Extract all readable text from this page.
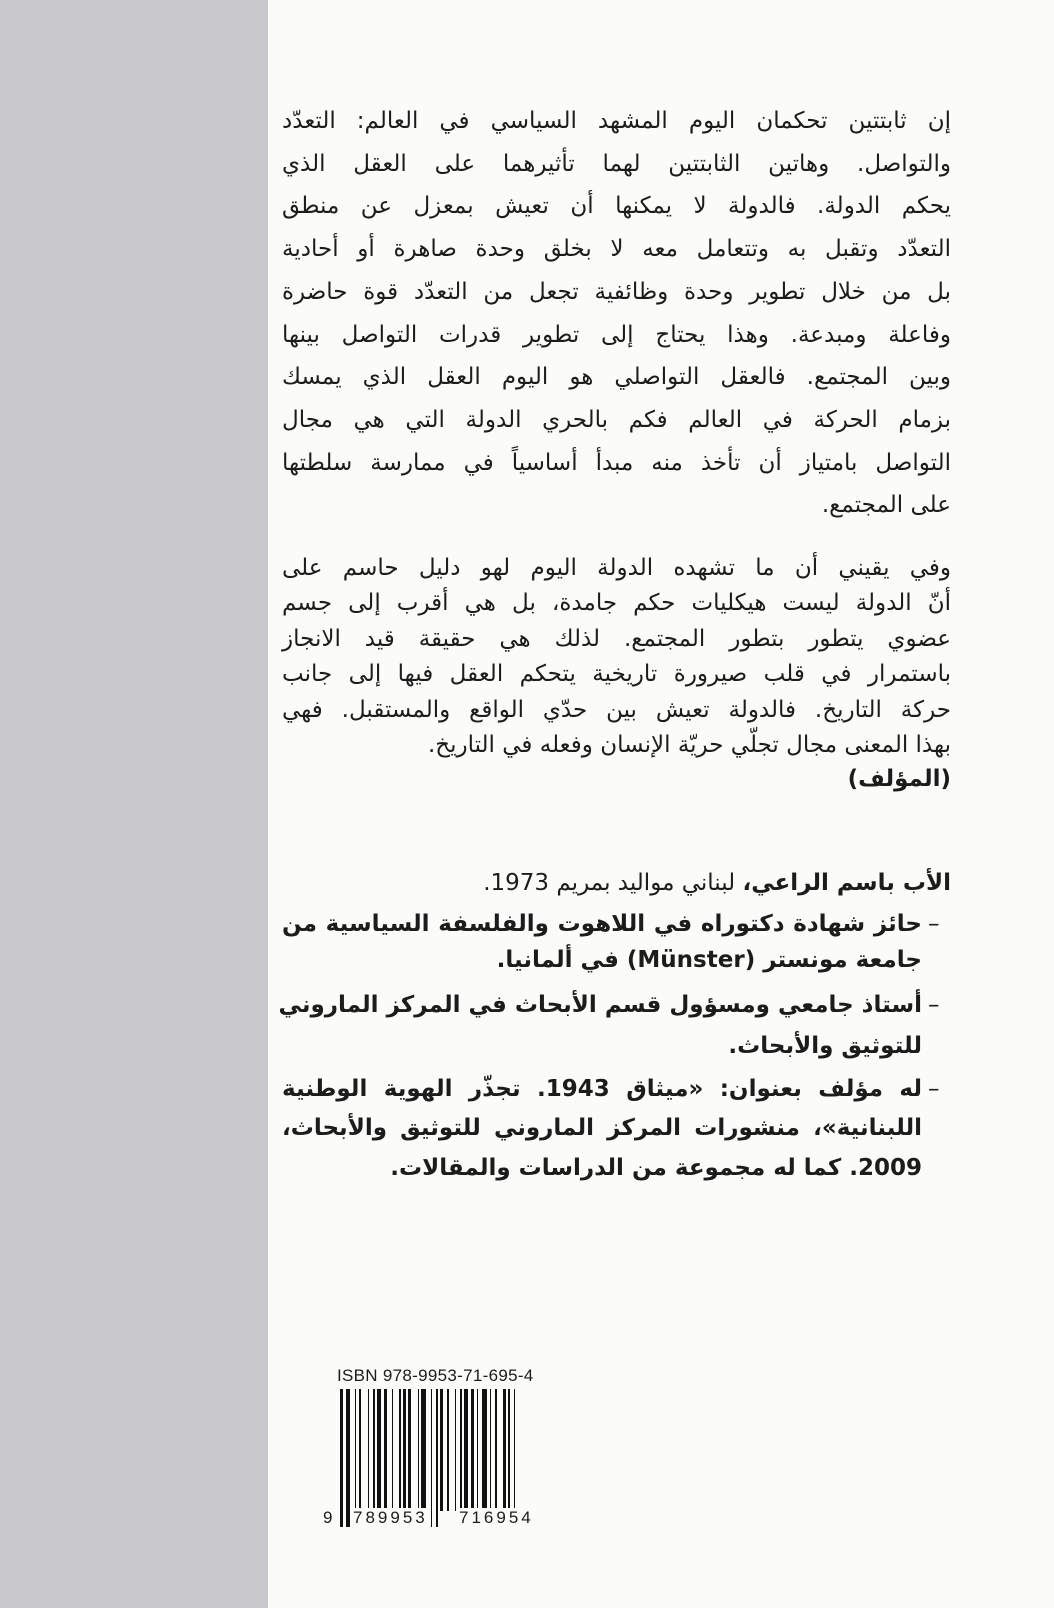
إن ثابتتين تحكمان اليوم المشهد السياسي في العالم: التعدّد
والتواصل. وهاتين الثابتتين لهما تأثيرهما على العقل الذي
يحكم الدولة. فالدولة لا يمكنها أن تعيش بمعزل عن منطق
التعدّد وتقبل به وتتعامل معه لا بخلق وحدة صاهرة أو أحادية
بل من خلال تطوير وحدة وظائفية تجعل من التعدّد قوة حاضرة
وفاعلة ومبدعة. وهذا يحتاج إلى تطوير قدرات التواصل بينها
وبين المجتمع. فالعقل التواصلي هو اليوم العقل الذي يمسك
بزمام الحركة في العالم فكم بالحري الدولة التي هي مجال
التواصل بامتياز أن تأخذ منه مبدأ أساسياً في ممارسة سلطتها
على المجتمع.
وفي يقيني أن ما تشهده الدولة اليوم لهو دليل حاسم على
أنّ الدولة ليست هيكليات حكم جامدة، بل هي أقرب إلى جسم
عضوي يتطور بتطور المجتمع. لذلك هي حقيقة قيد الانجاز
باستمرار في قلب صيرورة تاريخية يتحكم العقل فيها إلى جانب
حركة التاريخ. فالدولة تعيش بين حدّي الواقع والمستقبل. فهي
بهذا المعنى مجال تجلّي حريّة الإنسان وفعله في التاريخ.
(المؤلف)
الأب باسم الراعي، لبناني مواليد بمريم 1973.
–
حائز شهادة دكتوراه في اللاهوت والفلسفة السياسية من
جامعة مونستر (Münster) في ألمانيا.
–
أستاذ جامعي ومسؤول قسم الأبحاث في المركز الماروني
للتوثيق والأبحاث.
–
له مؤلف بعنوان: «ميثاق 1943. تجذّر الهوية الوطنية
اللبنانية»، منشورات المركز الماروني للتوثيق والأبحاث،
2009. كما له مجموعة من الدراسات والمقالات.
ISBN 978-9953-71-695-4
9 789953 716954
